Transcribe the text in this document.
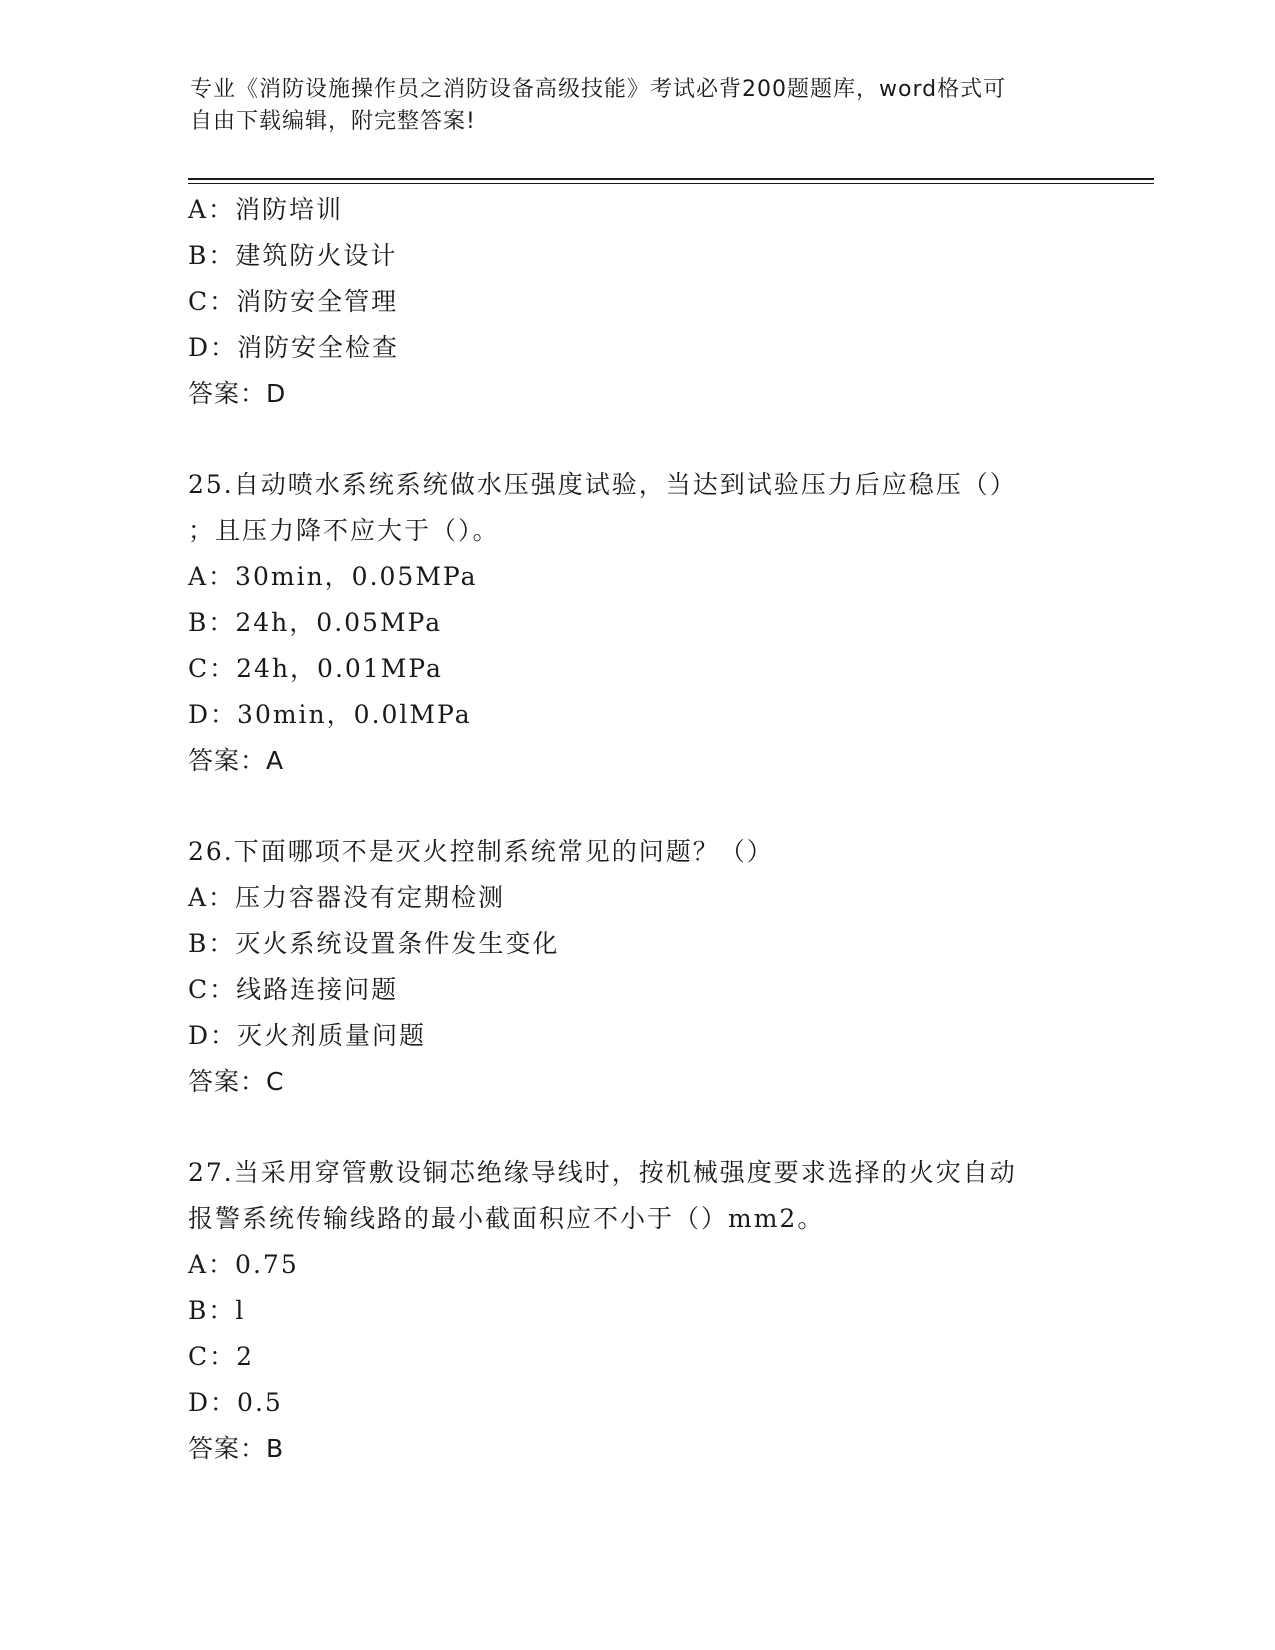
专业《消防设施操作员之消防设备高级技能》考试必背200题题库，word格式可
自由下载编辑，附完整答案!
A：消防培训
B：建筑防火设计
C：消防安全管理
D：消防安全检查
答案：D
25.自动喷水系统系统做水压强度试验，当达到试验压力后应稳压（）
；且压力降不应大于（）。
A：30min，0.05MPa
B：24h，0.05MPa
C：24h，0.01MPa
D：30min，0.0lMPa
答案：A
26.下面哪项不是灭火控制系统常见的问题？（）
A：压力容器没有定期检测
B：灭火系统设置条件发生变化
C：线路连接问题
D：灭火剂质量问题
答案：C
27.当采用穿管敷设铜芯绝缘导线时，按机械强度要求选择的火灾自动
报警系统传输线路的最小截面积应不小于（）mm2。
A：0.75
B：l
C：2
D：0.5
答案：B
